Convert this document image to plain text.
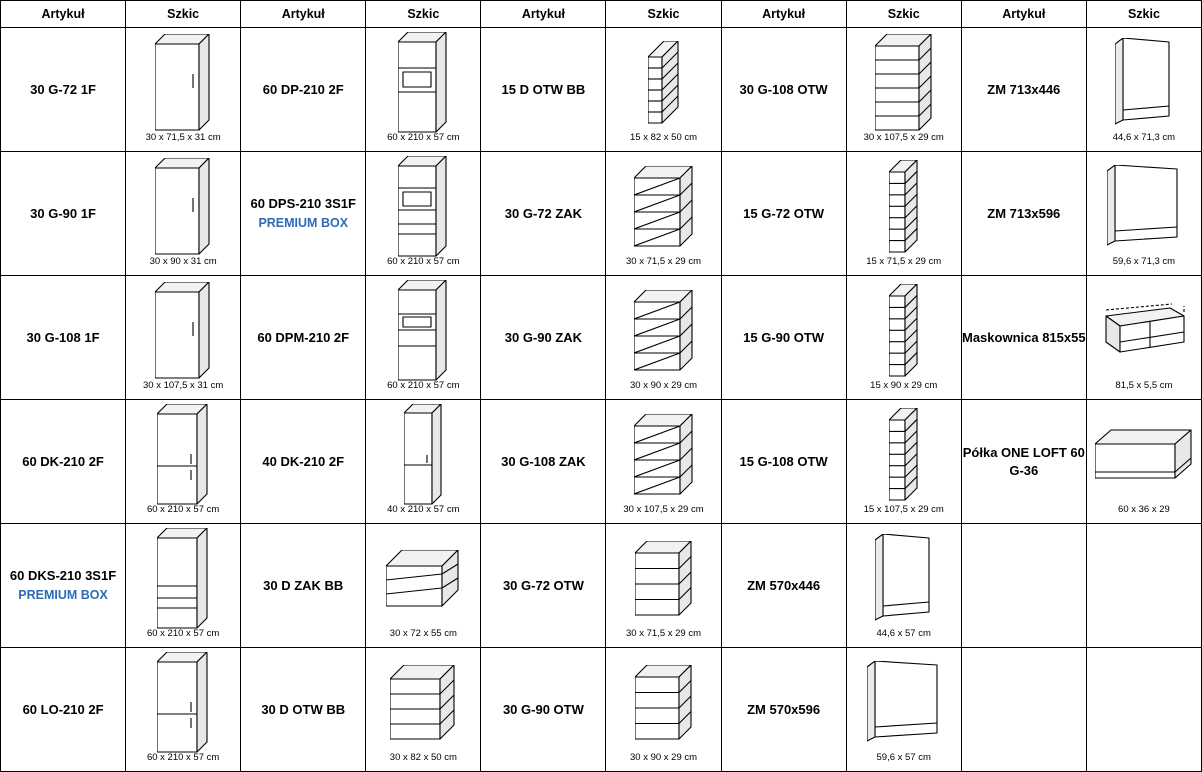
Artykuł	Szkic	Artykuł	Szkic	Artykuł	Szkic	Artykuł	Szkic	Artykuł	Szkic
30 G-72 1F	30 x 71,5 x 31 cm	60 DP-210 2F	60 x 210 x 57 cm	15 D OTW BB	15 x 82 x 50 cm	30 G-108 OTW	30 x 107,5 x 29 cm	ZM 713x446	44,6 x 71,3 cm

30 G-90 1F	30 x 90 x 31 cm	60 DPS-210 3S1F
PREMIUM BOX	60 x 210 x 57 cm	30 G-72 ZAK	30 x 71,5 x 29 cm	15 G-72 OTW	15 x 71,5 x 29 cm	ZM 713x596	59,6 x 71,3 cm

30 G-108 1F	30 x 107,5 x 31 cm	60 DPM-210 2F	60 x 210 x 57 cm	30 G-90 ZAK	30 x 90 x 29 cm	15 G-90 OTW	15 x 90 x 29 cm	Maskownica 815x55	81,5 x 5,5 cm

60 DK-210 2F	60 x 210 x 57 cm	40 DK-210 2F	40 x 210 x 57 cm	30 G-108 ZAK	30 x 107,5 x 29 cm	15 G-108 OTW	15 x 107,5 x 29 cm	Półka ONE LOFT 60 G-36	60 x 36 x 29

60 DKS-210 3S1F
PREMIUM BOX	60 x 210 x 57 cm	30 D ZAK BB	30 x 72 x 55 cm	30 G-72 OTW	30 x 71,5 x 29 cm	ZM 570x446	44,6 x 57 cm		

60 LO-210 2F	60 x 210 x 57 cm	30 D OTW BB	30 x 82 x 50 cm	30 G-90 OTW	30 x 90 x 29 cm	ZM 570x596	59,6 x 57 cm		
